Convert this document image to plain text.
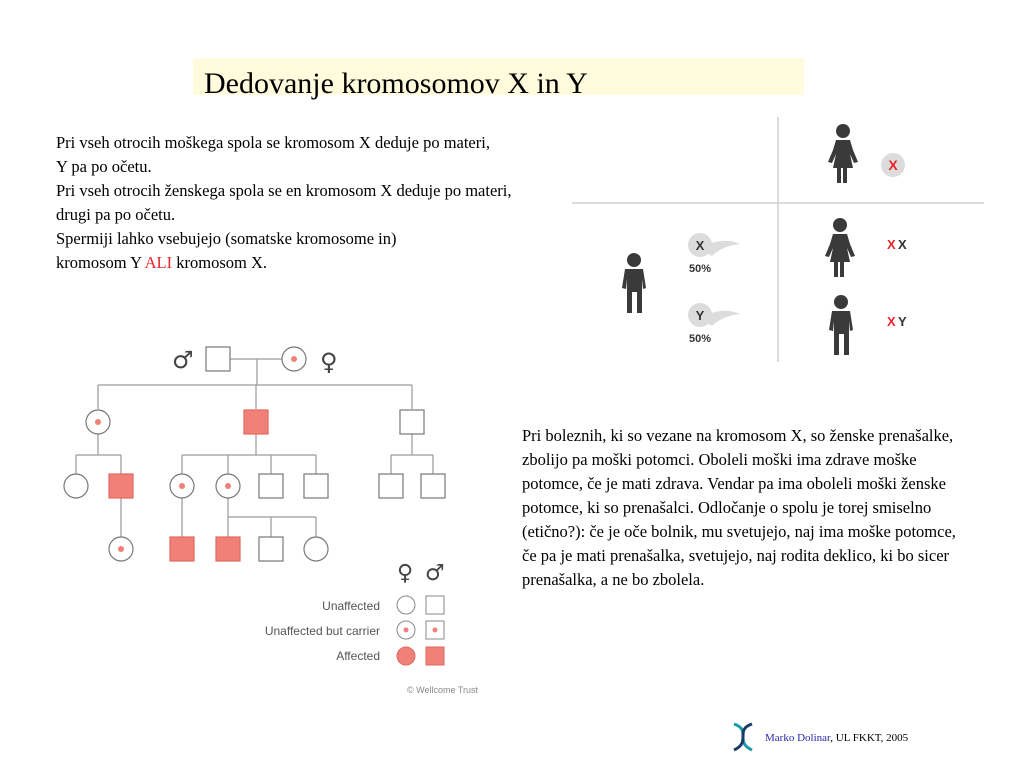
Dedovanje kromosomov X in Y
Pri vseh otrocih moškega spola se kromosom X deduje po materi,
Y pa po očetu.
Pri vseh otrocih ženskega spola se en kromosom X deduje po materi,
drugi pa po očetu.
Spermiji lahko vsebujejo (somatske kromosome in)
kromosom Y ALI kromosom X.
X
X
50%
Y
50%
X X
X Y
♂	♀
♀ ♂
Unaffected
Unaffected but carrier
Affected
© Wellcome Trust
Pri boleznih, ki so vezane na kromosom X, so ženske prenašalke, zbolijo pa moški potomci. Oboleli moški ima zdrave moške potomce, če je mati zdrava. Vendar pa ima oboleli moški ženske potomce, ki so prenašalci. Odločanje o spolu je torej smiselno (etično?): če je oče bolnik, mu svetujejo, naj ima moške potomce, če pa je mati prenašalka, svetujejo, naj rodita deklico, ki bo sicer prenašalka, a ne bo zbolela.
Marko Dolinar, UL FKKT, 2005
